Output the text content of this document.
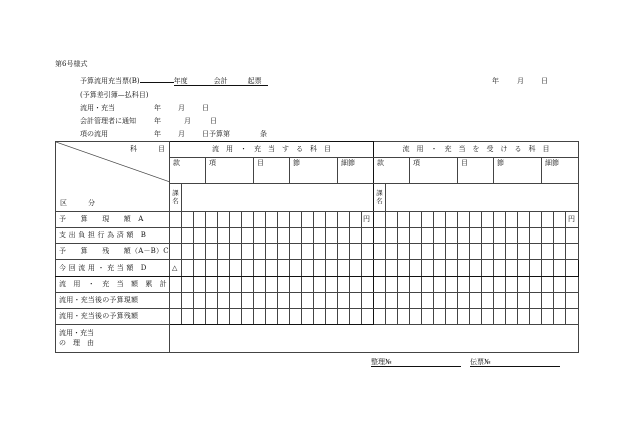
第6号様式
予算流用充当票(B)	年度	会計	起票	年	月 日
(予算差引簿—払科目)
流用・充当	年 月 日
会計管理者に通知	年	月	日
項の流用	年 月 日予算第	条
科　　　目
区　　　分	流　用　・　充　当　す　る　科　目																	流　用　・　充　当　を　受　け　る　科　目																
	款			項				目			節				細節			款			項				目			節				細節		
	課名																	課名																

予　　算　　現　　額　A																	円																	円
支 出 負 担 行 為 済 額　B																																		
予　　算　　残　　額（A－B）C																																		
今 回 流 用 ・ 充 当 額　D	△																																	
流　用　・　充　当　額　累　計																																		
流用・充当後の予算現額																																		
流用・充当後の予算残額																																		
流用・充当
の　理　由																																		
整理№	伝票№
